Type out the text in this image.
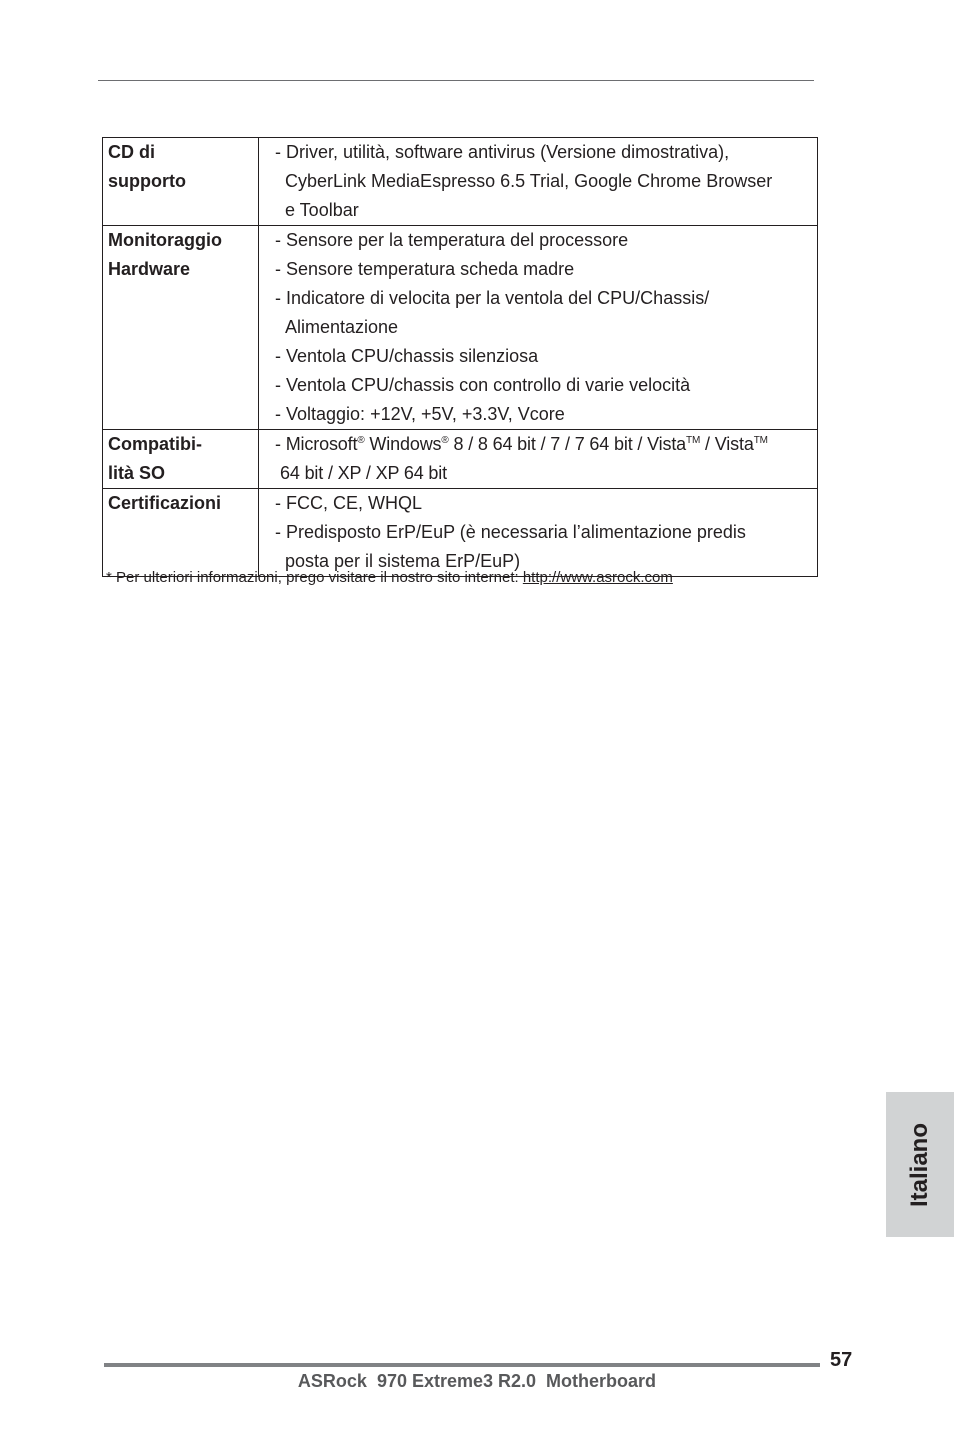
CD di
supporto
- Driver, utilità, software antivirus (Versione dimostrativa),
CyberLink MediaEspresso 6.5 Trial, Google Chrome Browser
e Toolbar
Monitoraggio
Hardware
- Sensore per la temperatura del processore
- Sensore temperatura scheda madre
- Indicatore di velocita per la ventola del CPU/Chassis/
Alimentazione
- Ventola CPU/chassis silenziosa
- Ventola CPU/chassis con controllo di varie velocità
- Voltaggio: +12V, +5V, +3.3V, Vcore
Compatibi-
lità SO
- Microsoft® Windows® 8 / 8 64 bit / 7 / 7 64 bit / Vista™ / Vista™
64 bit / XP / XP 64 bit
Certificazioni	- FCC, CE, WHQL
- Predisposto ErP/EuP (è necessaria l’alimentazione predis
posta per il sistema ErP/EuP)
* Per ulteriori informazioni, prego visitare il nostro sito internet: http://www.asrock.com
Italiano
57
ASRock  970 Extreme3 R2.0  Motherboard
